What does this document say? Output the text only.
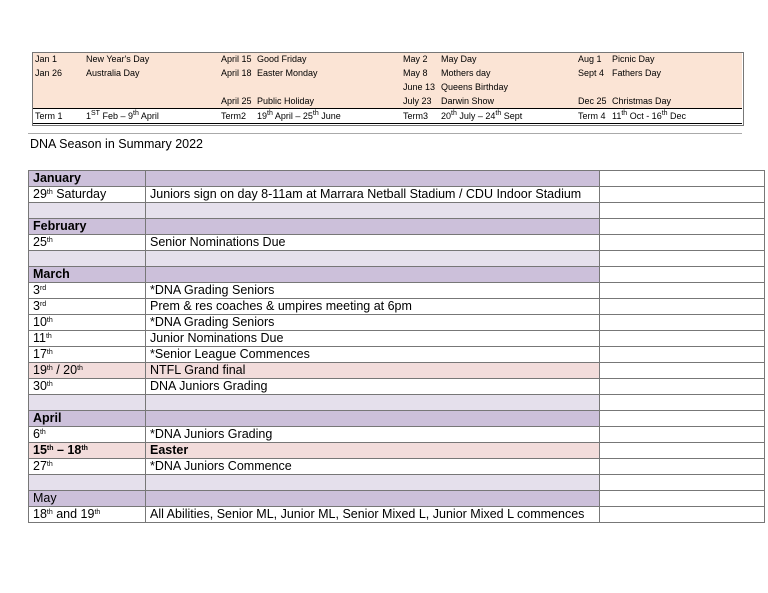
Jan 1	New Year's Day	April 15	Good Friday	May 2	May Day	Aug 1	Picnic Day
Jan 26	Australia Day	April 18	Easter Monday	May 8	Mothers day	Sept 4	Fathers Day
				June 13	Queens Birthday		
		April 25	Public Holiday	July 23	Darwin Show	Dec 25	Christmas Day
Term 1	1ST Feb – 9th April	Term2	19th April – 25th June	Term3	20th July – 24th Sept	Term 4	11th Oct - 16th Dec
DNA Season in Summary 2022
January		
29th Saturday	Juniors sign on day 8-11am at Marrara Netball Stadium / CDU Indoor Stadium	

February		
25th	Senior Nominations Due	

March		
3rd	*DNA Grading Seniors	
3rd	Prem & res coaches & umpires meeting at 6pm	
10th	*DNA Grading Seniors	
11th	Junior Nominations Due	
17th	*Senior League Commences	
19th / 20th	NTFL Grand final	
30th	DNA Juniors Grading	

April		
6th	*DNA Juniors Grading	
15th – 18th	Easter	
27th	*DNA Juniors Commence	

May		
18th and 19th	All Abilities, Senior ML, Junior ML, Senior Mixed L, Junior Mixed L commences	
